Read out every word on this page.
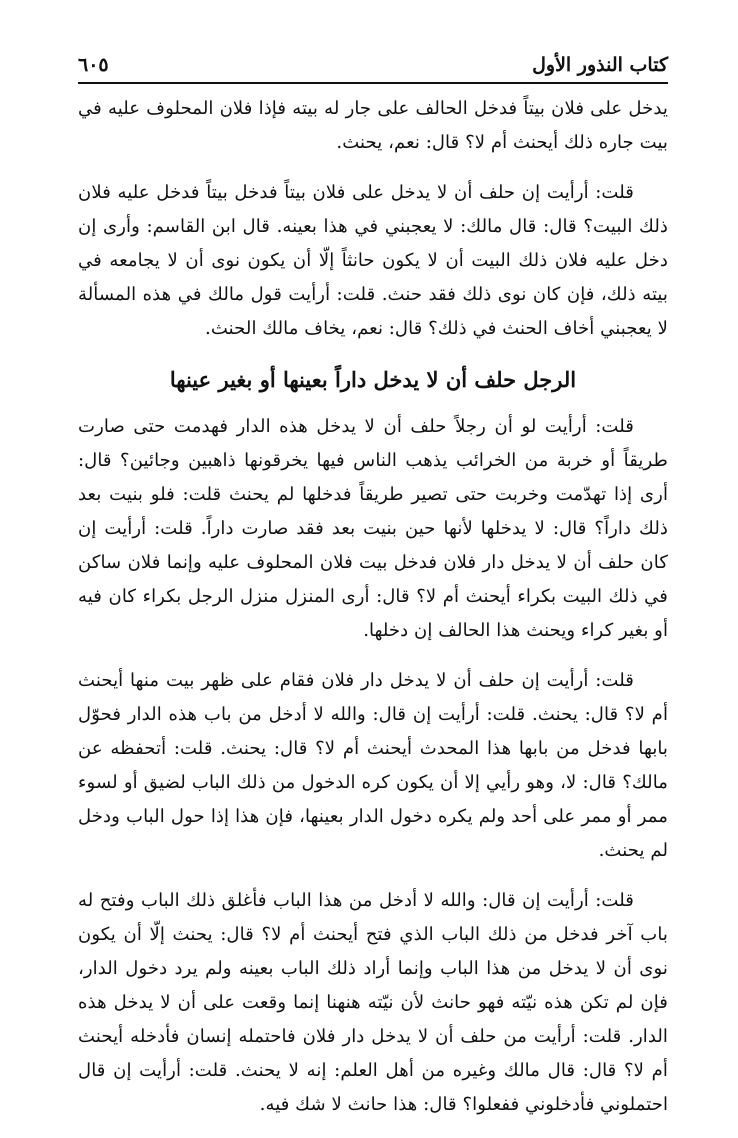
كتاب النذور الأول
٦٠٥

يدخل على فلان بيتاً فدخل الحالف على جار له بيته فإذا فلان المحلوف عليه في بيت جاره ذلك أيحنث أم لا؟ قال: نعم، يحنث.

قلت: أرأيت إن حلف أن لا يدخل على فلان بيتاً فدخل بيتاً فدخل عليه فلان ذلك البيت؟ قال: قال مالك: لا يعجبني في هذا بعينه. قال ابن القاسم: وأرى إن دخل عليه فلان ذلك البيت أن لا يكون حانثاً إلّا أن يكون نوى أن لا يجامعه في بيته ذلك، فإن كان نوى ذلك فقد حنث. قلت: أرأيت قول مالك في هذه المسألة لا يعجبني أخاف الحنث في ذلك؟ قال: نعم، يخاف مالك الحنث.

الرجل حلف أن لا يدخل داراً بعينها أو بغير عينها

قلت: أرأيت لو أن رجلاً حلف أن لا يدخل هذه الدار فهدمت حتى صارت طريقاً أو خربة من الخرائب يذهب الناس فيها يخرقونها ذاهبين وجائين؟ قال: أرى إذا تهدّمت وخربت حتى تصير طريقاً فدخلها لم يحنث قلت: فلو بنيت بعد ذلك داراً؟ قال: لا يدخلها لأنها حين بنيت بعد فقد صارت داراً. قلت: أرأيت إن كان حلف أن لا يدخل دار فلان فدخل بيت فلان المحلوف عليه وإنما فلان ساكن في ذلك البيت بكراء أيحنث أم لا؟ قال: أرى المنزل منزل الرجل بكراء كان فيه أو بغير كراء ويحنث هذا الحالف إن دخلها.

قلت: أرأيت إن حلف أن لا يدخل دار فلان فقام على ظهر بيت منها أيحنث أم لا؟ قال: يحنث. قلت: أرأيت إن قال: والله لا أدخل من باب هذه الدار فحوّل بابها فدخل من بابها هذا المحدث أيحنث أم لا؟ قال: يحنث. قلت: أتحفظه عن مالك؟ قال: لا، وهو رأيي إلا أن يكون كره الدخول من ذلك الباب لضيق أو لسوء ممر أو ممر على أحد ولم يكره دخول الدار بعينها، فإن هذا إذا حول الباب ودخل لم يحنث.

قلت: أرأيت إن قال: والله لا أدخل من هذا الباب فأغلق ذلك الباب وفتح له باب آخر فدخل من ذلك الباب الذي فتح أيحنث أم لا؟ قال: يحنث إلّا أن يكون نوى أن لا يدخل من هذا الباب وإنما أراد ذلك الباب بعينه ولم يرد دخول الدار، فإن لم تكن هذه نيّته فهو حانث لأن نيّته هنهنا إنما وقعت على أن لا يدخل هذه الدار. قلت: أرأيت من حلف أن لا يدخل دار فلان فاحتمله إنسان فأدخله أيحنث أم لا؟ قال: قال مالك وغيره من أهل العلم: إنه لا يحنث. قلت: أرأيت إن قال احتملوني فأدخلوني ففعلوا؟ قال: هذا حانث لا شك فيه.
